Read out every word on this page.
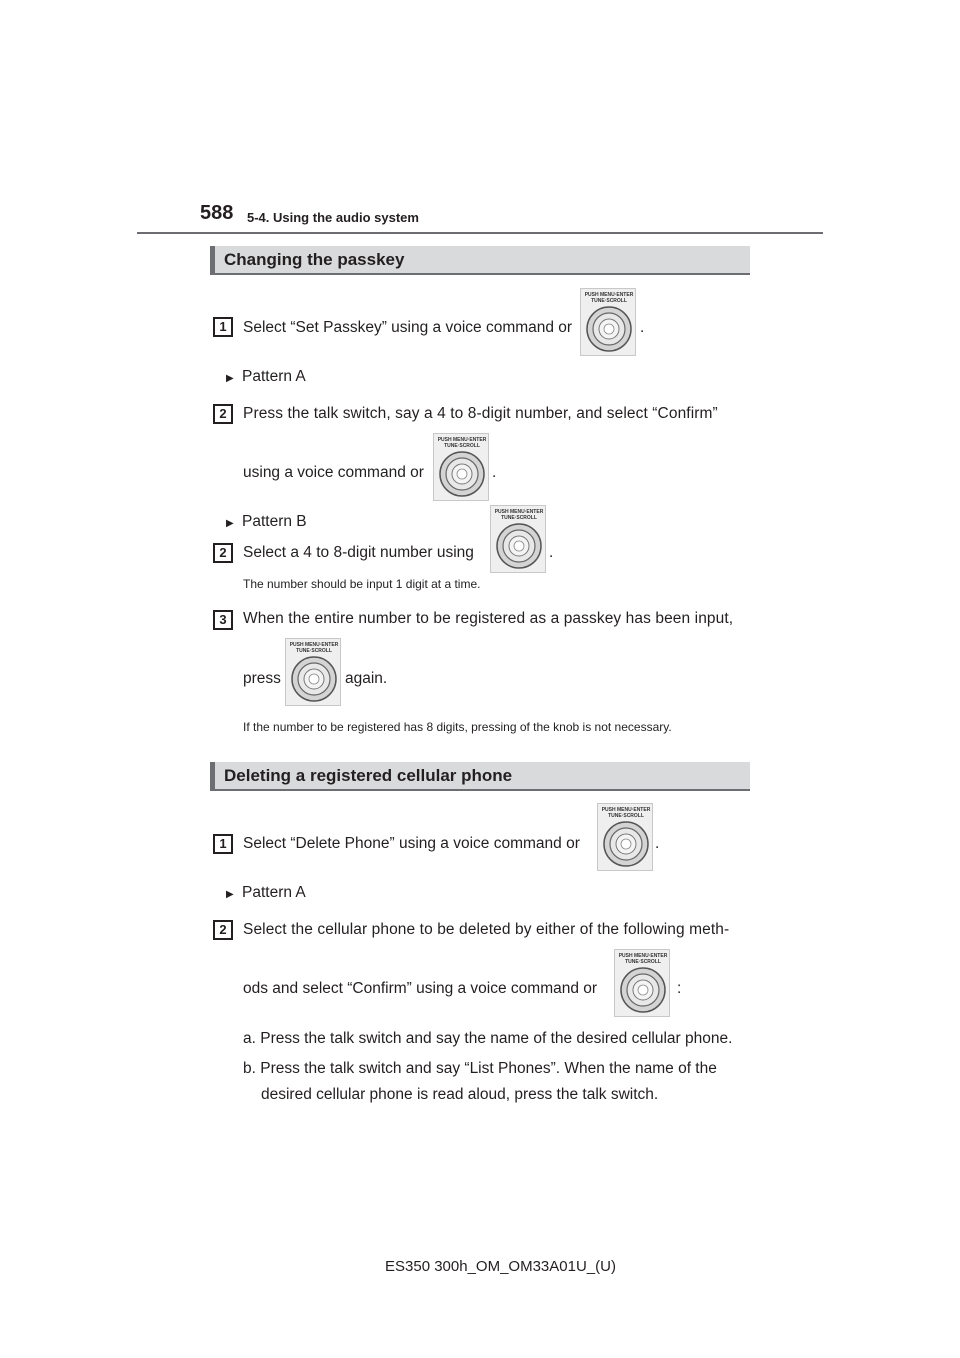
588 5-4. Using the audio system
Changing the passkey
1	Select “Set Passkey” using a voice command or
PUSH MENU·ENTER
TUNE·SCROLL
.
▶ Pattern A
2	Press the talk switch, say a 4 to 8-digit number, and select “Confirm”
using a voice command or
PUSH MENU·ENTER
TUNE·SCROLL
.
▶ Pattern B
2	Select a 4 to 8-digit number using
PUSH MENU·ENTER
TUNE·SCROLL
.
The number should be input 1 digit at a time.
3	When the entire number to be registered as a passkey has been input,
press
PUSH MENU·ENTER
TUNE·SCROLL
again.
If the number to be registered has 8 digits, pressing of the knob is not necessary.
Deleting a registered cellular phone
1	Select “Delete Phone” using a voice command or
PUSH MENU·ENTER
TUNE·SCROLL
.
▶ Pattern A
2	Select the cellular phone to be deleted by either of the following meth-
ods and select “Confirm” using a voice command or
PUSH MENU·ENTER
TUNE·SCROLL
:
a. Press the talk switch and say the name of the desired cellular phone.
b. Press the talk switch and say “List Phones”. When the name of the
desired cellular phone is read aloud, press the talk switch.
ES350 300h_OM_OM33A01U_(U)
